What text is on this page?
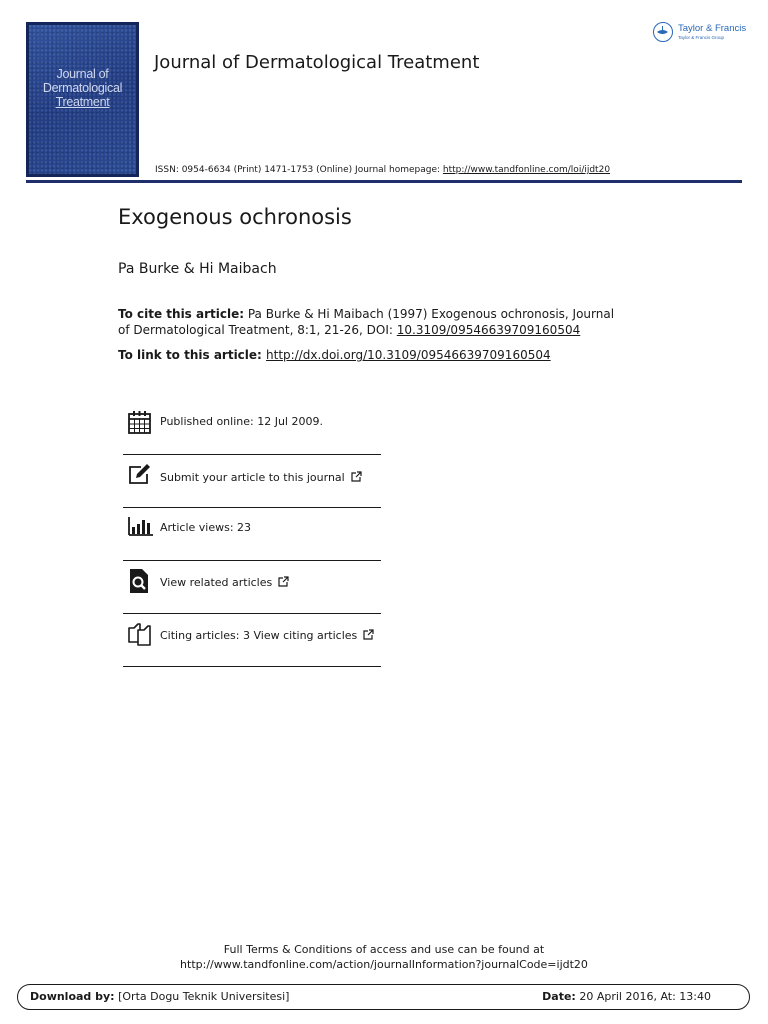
Journal of
Dermatological
Treatment
Journal of Dermatological Treatment
ISSN: 0954-6634 (Print) 1471-1753 (Online) Journal homepage: http://www.tandfonline.com/loi/ijdt20
Taylor & Francis
Taylor & Francis Group
Exogenous ochronosis
Pa Burke & Hi Maibach
To cite this article: Pa Burke & Hi Maibach (1997) Exogenous ochronosis, Journal of Dermatological Treatment, 8:1, 21-26, DOI: 10.3109/09546639709160504
To link to this article: http://dx.doi.org/10.3109/09546639709160504
Published online: 12 Jul 2009.
Submit your article to this journal
Article views: 23
View related articles
Citing articles: 3 View citing articles
Full Terms & Conditions of access and use can be found at
http://www.tandfonline.com/action/journalInformation?journalCode=ijdt20
Download by: [Orta Dogu Teknik Universitesi]	Date: 20 April 2016, At: 13:40
